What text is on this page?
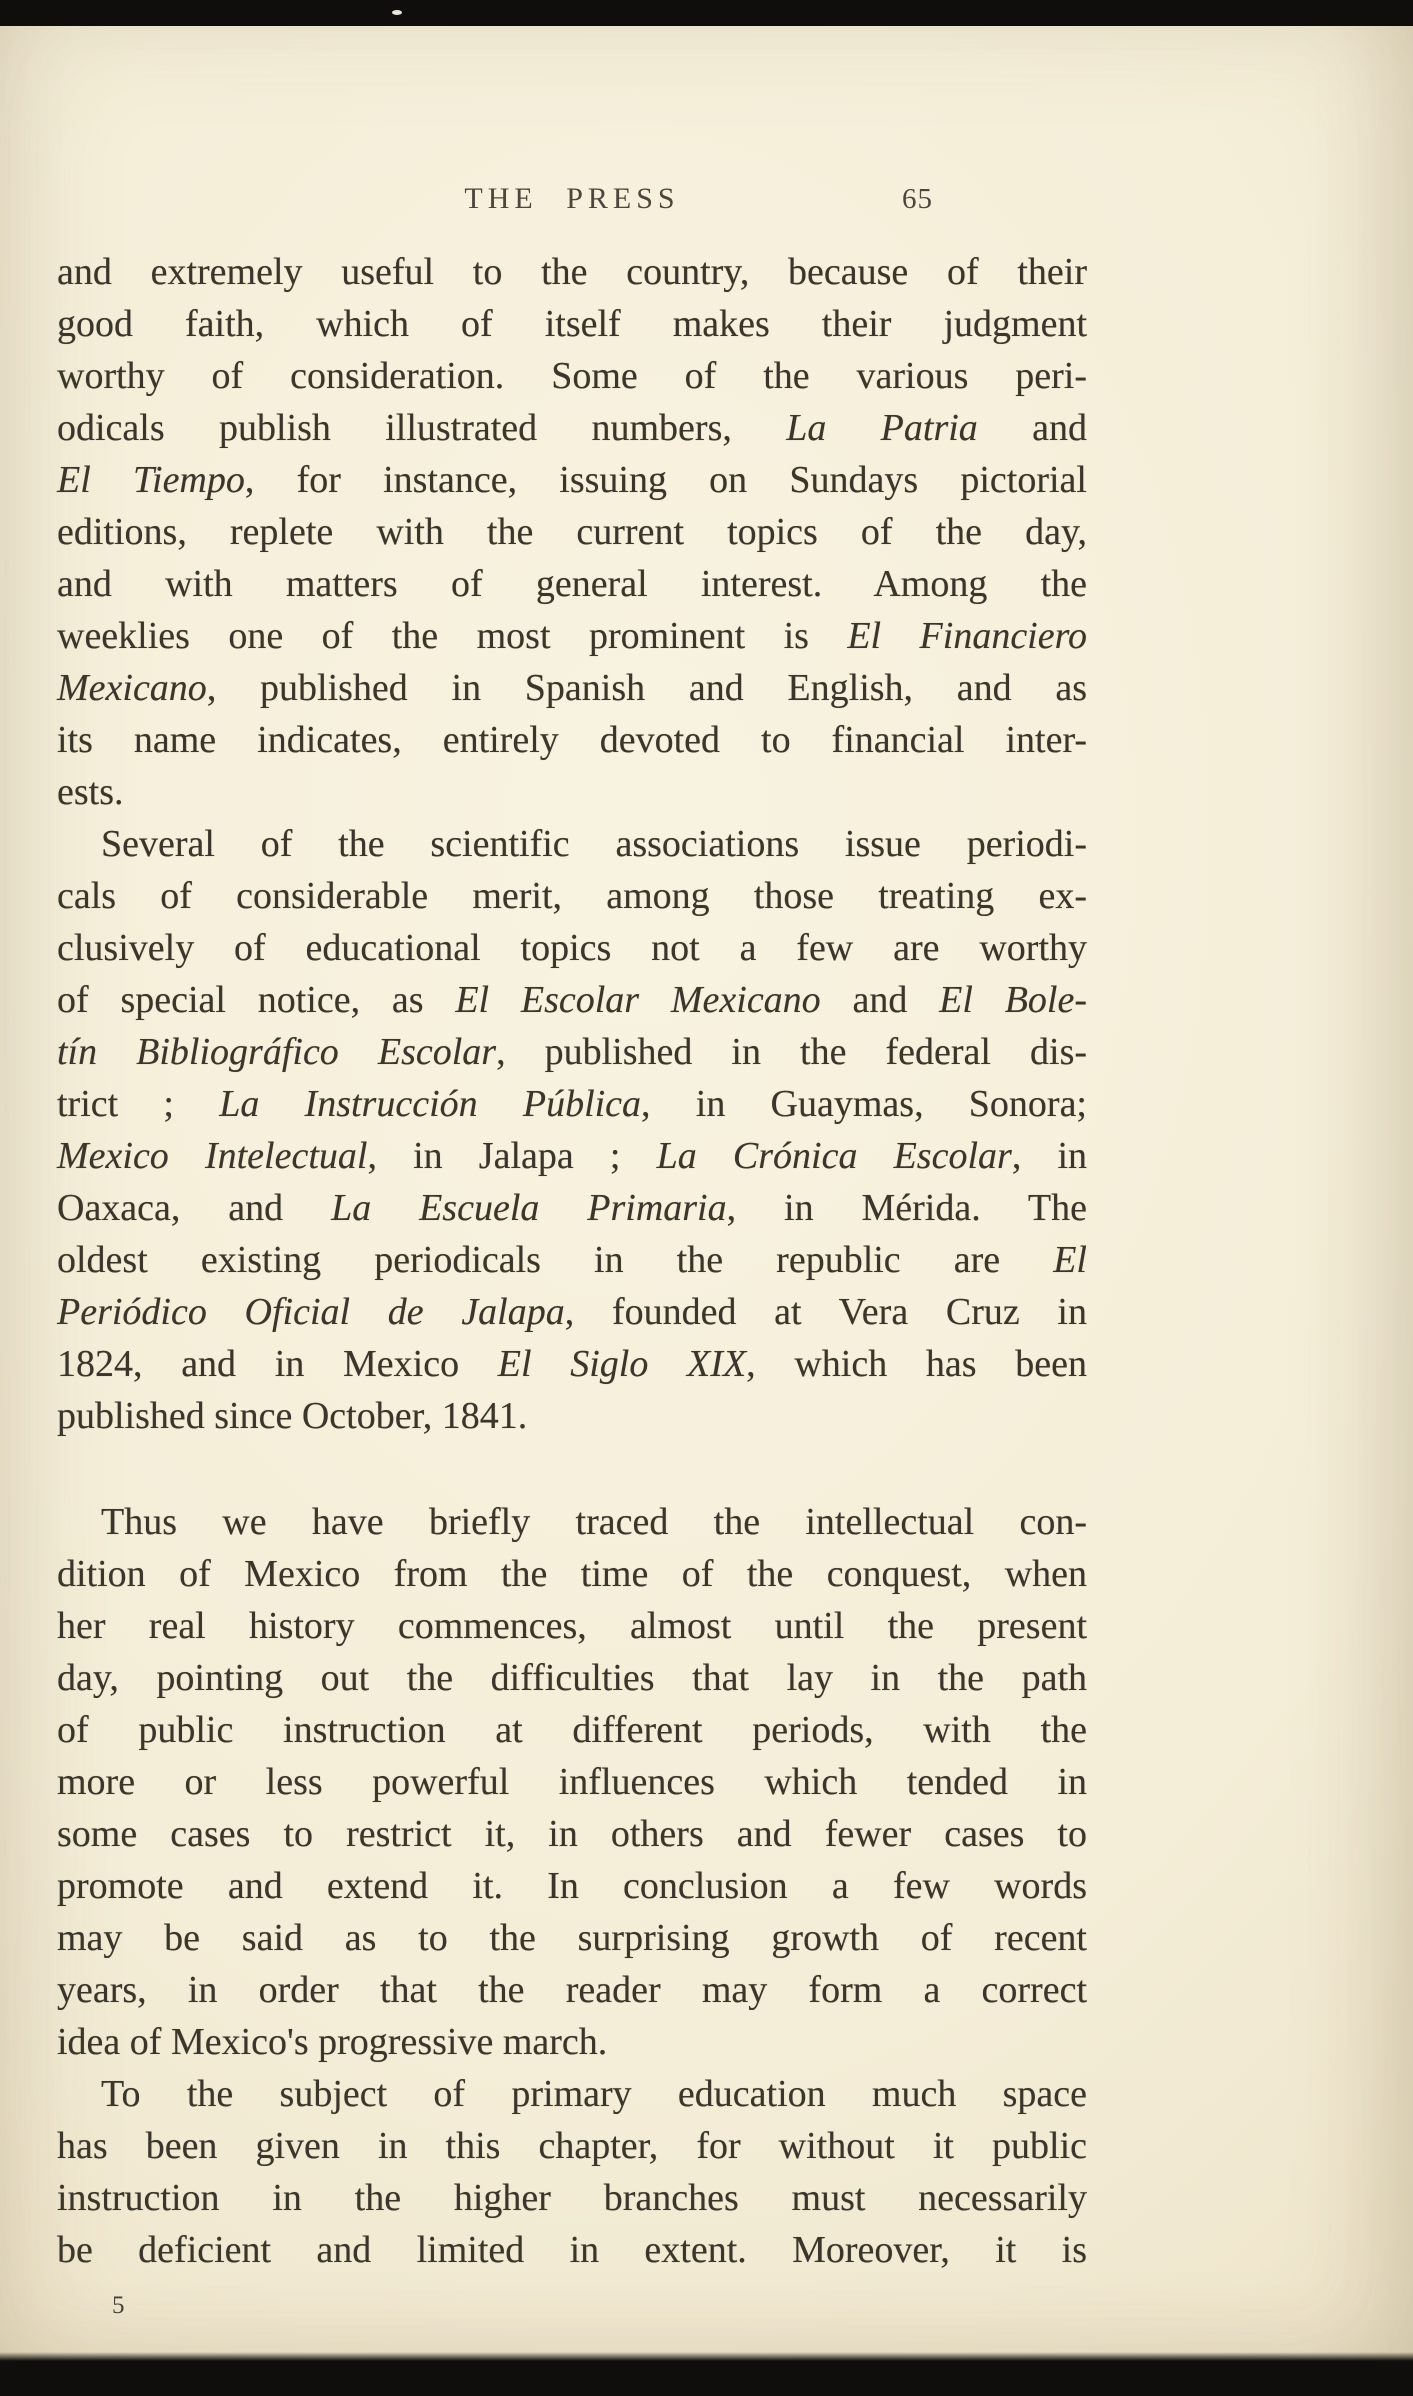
THE PRESS	65
and extremely useful to the country, because of their
good faith, which of itself makes their judgment
worthy of consideration. Some of the various peri-
odicals publish illustrated numbers, La Patria and
El Tiempo, for instance, issuing on Sundays pictorial
editions, replete with the current topics of the day,
and with matters of general interest. Among the
weeklies one of the most prominent is El Financiero
Mexicano, published in Spanish and English, and as
its name indicates, entirely devoted to financial inter-
ests.
Several of the scientific associations issue periodi-
cals of considerable merit, among those treating ex-
clusively of educational topics not a few are worthy
of special notice, as El Escolar Mexicano and El Bole-
tín Bibliográfico Escolar, published in the federal dis-
trict ; La Instrucción Pública, in Guaymas, Sonora;
Mexico Intelectual, in Jalapa ; La Crónica Escolar, in
Oaxaca, and La Escuela Primaria, in Mérida. The
oldest existing periodicals in the republic are El
Periódico Oficial de Jalapa, founded at Vera Cruz in
1824, and in Mexico El Siglo XIX, which has been
published since October, 1841.
Thus we have briefly traced the intellectual con-
dition of Mexico from the time of the conquest, when
her real history commences, almost until the present
day, pointing out the difficulties that lay in the path
of public instruction at different periods, with the
more or less powerful influences which tended in
some cases to restrict it, in others and fewer cases to
promote and extend it. In conclusion a few words
may be said as to the surprising growth of recent
years, in order that the reader may form a correct
idea of Mexico's progressive march.
To the subject of primary education much space
has been given in this chapter, for without it public
instruction in the higher branches must necessarily
be deficient and limited in extent. Moreover, it is
5
